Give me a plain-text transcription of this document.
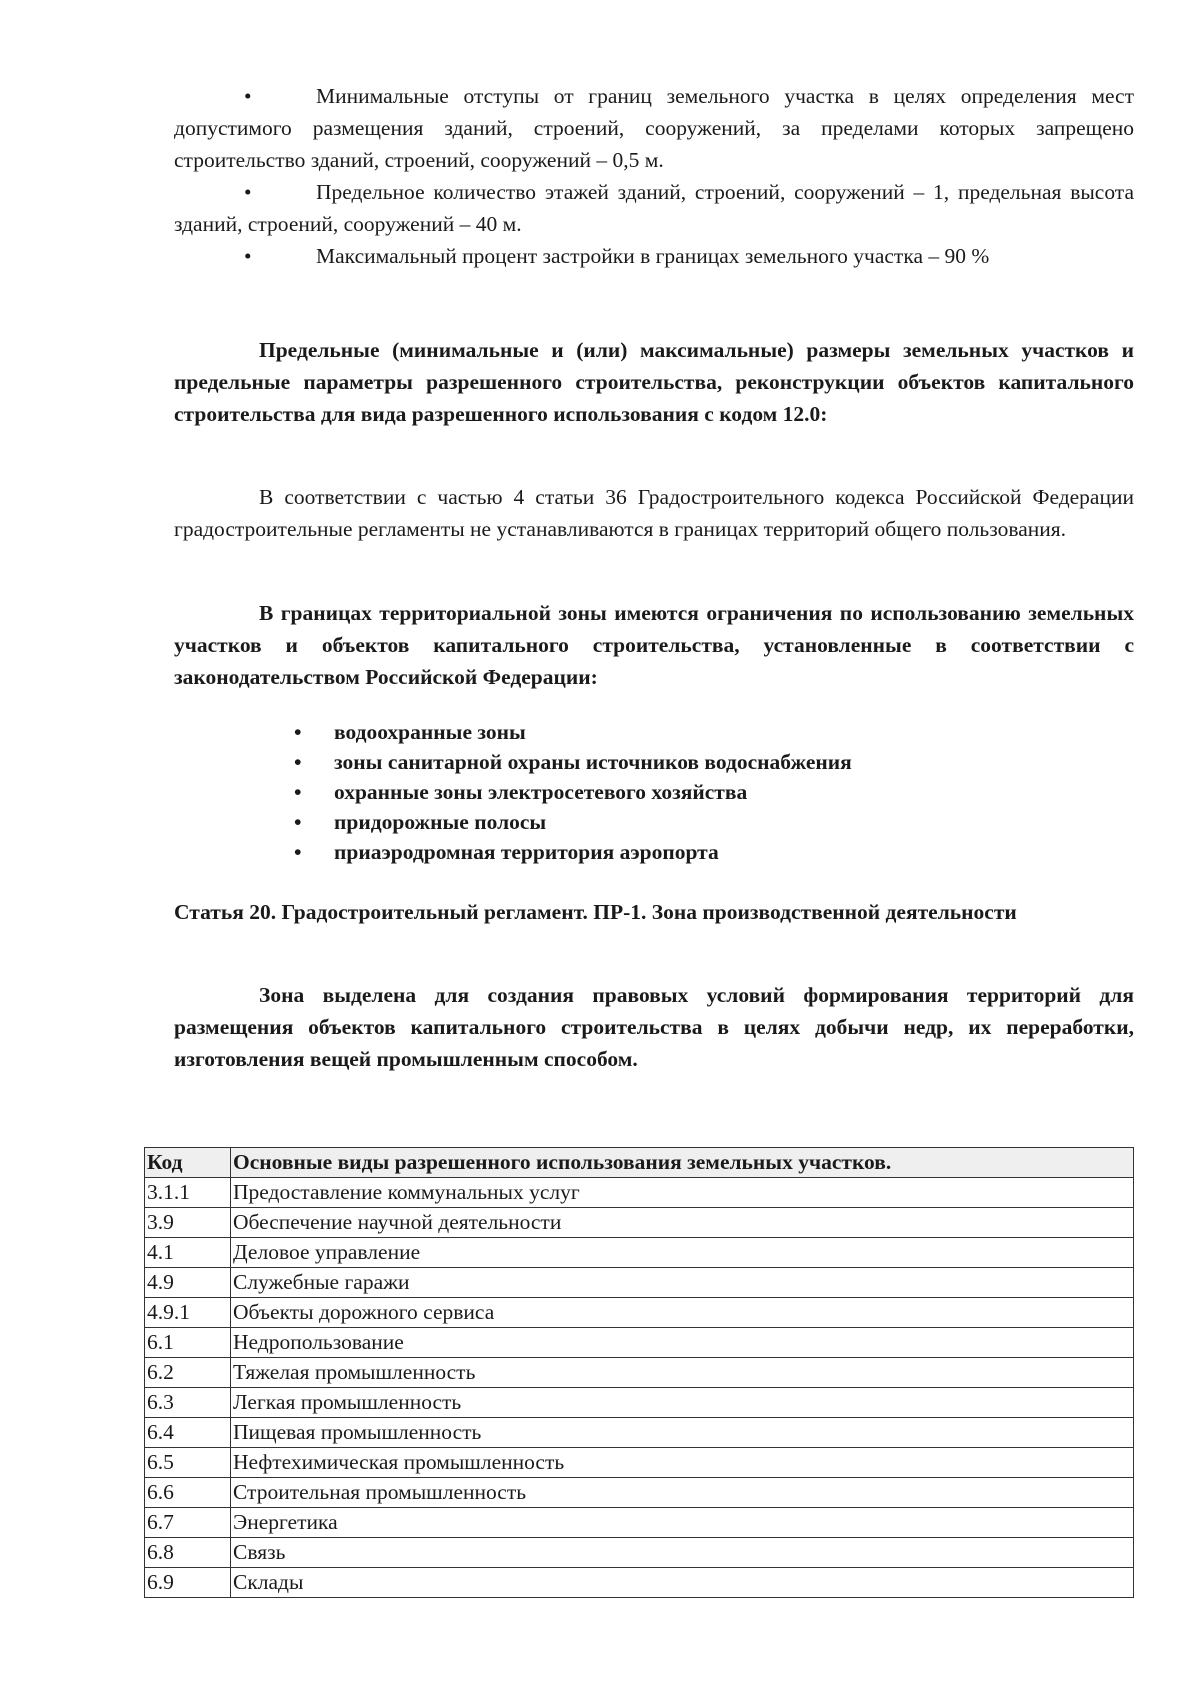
•	Минимальные отступы от границ земельного участка в целях определения мест допустимого размещения зданий, строений, сооружений, за пределами которых запрещено строительство зданий, строений, сооружений – 0,5 м.

•	Предельное количество этажей зданий, строений, сооружений – 1, предельная высота зданий, строений, сооружений – 40 м.

•	Максимальный процент застройки в границах земельного участка – 90 %

Предельные (минимальные и (или) максимальные) размеры земельных участков и предельные параметры разрешенного строительства, реконструкции объектов капитального строительства для вида разрешенного использования с кодом 12.0:

В соответствии с частью 4 статьи 36 Градостроительного кодекса Российской Федерации градостроительные регламенты не устанавливаются в границах территорий общего пользования.

В границах территориальной зоны имеются ограничения по использованию земельных участков и объектов капитального строительства, установленные в соответствии с законодательством Российской Федерации:

• водоохранные зоны
• зоны санитарной охраны источников водоснабжения
• охранные зоны электросетевого хозяйства
• придорожные полосы
• приаэродромная территория аэропорта
Статья 20. Градостроительный регламент. ПР-1. Зона производственной деятельности

Зона выделена для создания правовых условий формирования территорий для размещения объектов капитального строительства в целях добычи недр, их переработки, изготовления вещей промышленным способом.

Код	Основные виды разрешенного использования земельных участков.
3.1.1	Предоставление коммунальных услуг
3.9	Обеспечение научной деятельности
4.1	Деловое управление
4.9	Служебные гаражи
4.9.1	Объекты дорожного сервиса
6.1	Недропользование
6.2	Тяжелая промышленность
6.3	Легкая промышленность
6.4	Пищевая промышленность
6.5	Нефтехимическая промышленность
6.6	Строительная промышленность
6.7	Энергетика
6.8	Связь
6.9	Склады
